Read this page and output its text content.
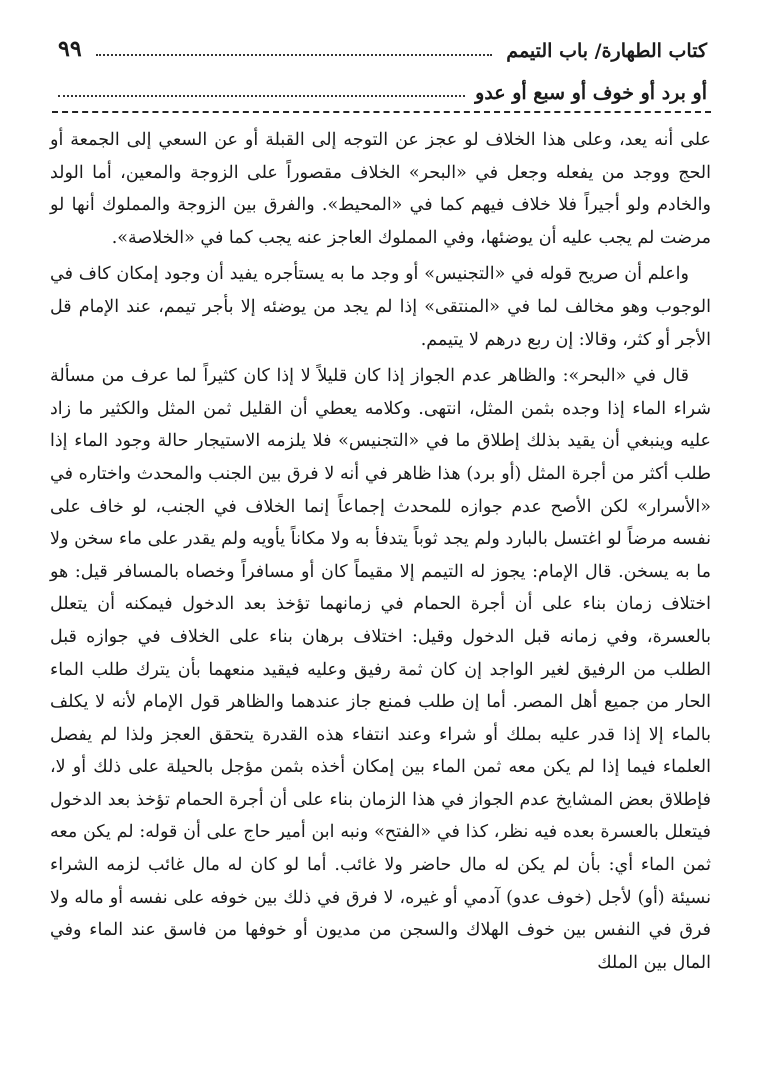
كتاب الطهارة/ باب التيمم
٩٩
أو برد أو خوف أو سبع أو عدو

على أنه يعد، وعلى هذا الخلاف لو عجز عن التوجه إلى القبلة أو عن السعي إلى الجمعة أو الحج ووجد من يفعله وجعل في «البحر» الخلاف مقصوراً على الزوجة والمعين، أما الولد والخادم ولو أجيراً فلا خلاف فيهم كما في «المحيط». والفرق بين الزوجة والمملوك أنها لو مرضت لم يجب عليه أن يوضئها، وفي المملوك العاجز عنه يجب كما في «الخلاصة».

واعلم أن صريح قوله في «التجنيس» أو وجد ما به يستأجره يفيد أن وجود إمكان كاف في الوجوب وهو مخالف لما في «المنتقى» إذا لم يجد من يوضئه إلا بأجر تيمم، عند الإمام قل الأجر أو كثر، وقالا: إن ربع درهم لا يتيمم.

قال في «البحر»: والظاهر عدم الجواز إذا كان قليلاً لا إذا كان كثيراً لما عرف من مسألة شراء الماء إذا وجده بثمن المثل، انتهى. وكلامه يعطي أن القليل ثمن المثل والكثير ما زاد عليه وينبغي أن يقيد بذلك إطلاق ما في «التجنيس» فلا يلزمه الاستيجار حالة وجود الماء إذا طلب أكثر من أجرة المثل (أو برد) هذا ظاهر في أنه لا فرق بين الجنب والمحدث واختاره في «الأسرار» لكن الأصح عدم جوازه للمحدث إجماعاً إنما الخلاف في الجنب، لو خاف على نفسه مرضاً لو اغتسل بالبارد ولم يجد ثوباً يتدفأ به ولا مكاناً يأويه ولم يقدر على ماء سخن ولا ما به يسخن. قال الإمام: يجوز له التيمم إلا مقيماً كان أو مسافراً وخصاه بالمسافر قيل: هو اختلاف زمان بناء على أن أجرة الحمام في زمانهما تؤخذ بعد الدخول فيمكنه أن يتعلل بالعسرة، وفي زمانه قبل الدخول وقيل: اختلاف برهان بناء على الخلاف في جوازه قبل الطلب من الرفيق لغير الواجد إن كان ثمة رفيق وعليه فيقيد منعهما بأن يترك طلب الماء الحار من جميع أهل المصر. أما إن طلب فمنع جاز عندهما والظاهر قول الإمام لأنه لا يكلف بالماء إلا إذا قدر عليه بملك أو شراء وعند انتفاء هذه القدرة يتحقق العجز ولذا لم يفصل العلماء فيما إذا لم يكن معه ثمن الماء بين إمكان أخذه بثمن مؤجل بالحيلة على ذلك أو لا، فإطلاق بعض المشايخ عدم الجواز في هذا الزمان بناء على أن أجرة الحمام تؤخذ بعد الدخول فيتعلل بالعسرة بعده فيه نظر، كذا في «الفتح» ونبه ابن أمير حاج على أن قوله: لم يكن معه ثمن الماء أي: بأن لم يكن له مال حاضر ولا غائب. أما لو كان له مال غائب لزمه الشراء نسيئة (أو) لأجل (خوف عدو) آدمي أو غيره، لا فرق في ذلك بين خوفه على نفسه أو ماله ولا فرق في النفس بين خوف الهلاك والسجن من مديون أو خوفها من فاسق عند الماء وفي المال بين الملك
